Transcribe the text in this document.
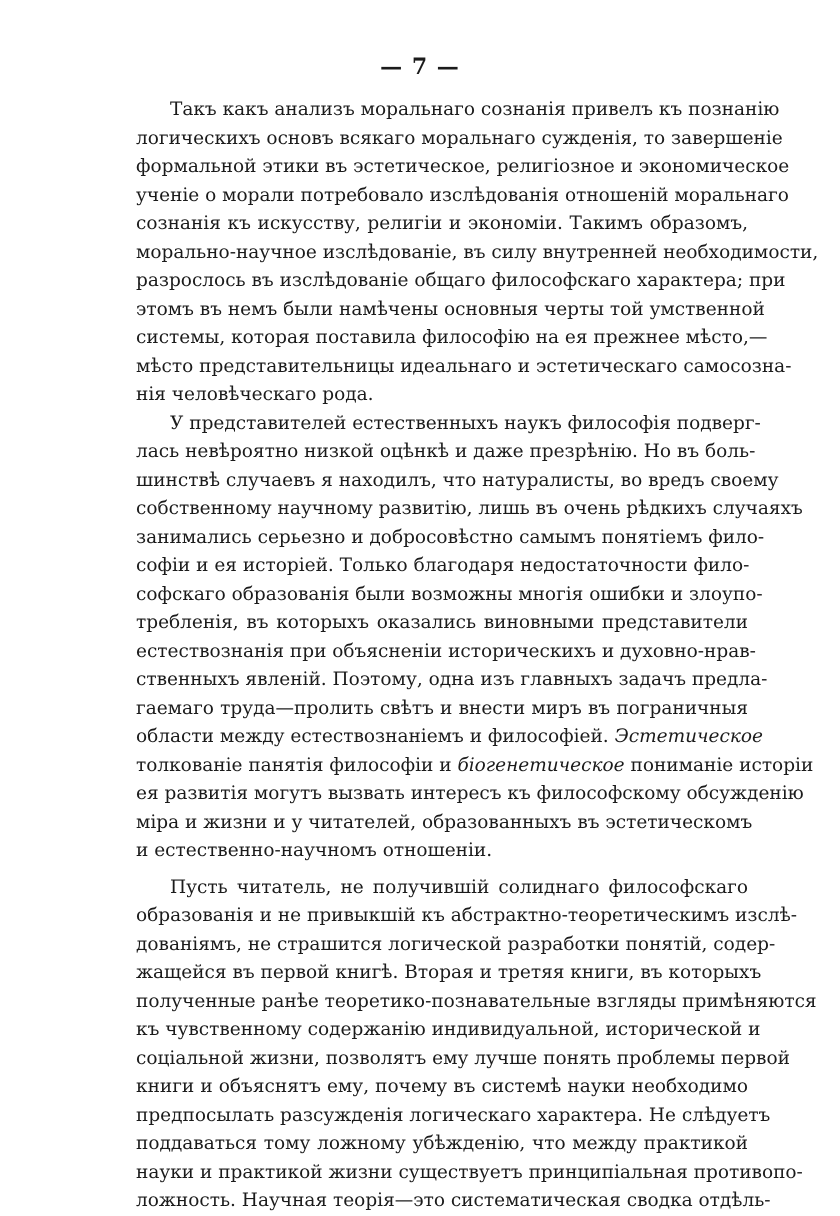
— 7 —
Такъ какъ анализъ моральнаго сознанія привелъ къ познанію
логическихъ основъ всякаго моральнаго сужденія, то завершеніе
формальной этики въ эстетическое, религіозное и экономическое
ученіе о морали потребовало изслѣдованія отношеній моральнаго
сознанія къ искусству, религіи и экономіи. Такимъ образомъ,
морально-научное изслѣдованіе, въ силу внутренней необходимости,
разрослось въ изслѣдованіе общаго философскаго характера; при
этомъ въ немъ были намѣчены основныя черты той умственной
системы, которая поставила философію на ея прежнее мѣсто,—
мѣсто представительницы идеальнаго и эстетическаго самосозна-
нія человѣческаго рода.
У представителей естественныхъ наукъ философія подверг-
лась невѣроятно низкой оцѣнкѣ и даже презрѣнію. Но въ боль-
шинствѣ случаевъ я находилъ, что натуралисты, во вредъ своему
собственному научному развитію, лишь въ очень рѣдкихъ случаяхъ
занимались серьезно и добросовѣстно самымъ понятіемъ фило-
софіи и ея исторіей. Только благодаря недостаточности фило-
софскаго образованія были возможны многія ошибки и злоупо-
требленія, въ которыхъ оказались виновными представители
естествознанія при объясненіи историческихъ и духовно-нрав-
ственныхъ явленій. Поэтому, одна изъ главныхъ задачъ предла-
гаемаго труда—пролить свѣтъ и внести миръ въ пограничныя
области между естествознаніемъ и философіей. Эстетическое
толкованіе панятія философіи и біогенетическое пониманіе исторіи
ея развитія могутъ вызвать интересъ къ философскому обсужденію
міра и жизни и у читателей, образованныхъ въ эстетическомъ
и естественно-научномъ отношеніи.
Пусть читатель, не получившій солиднаго философскаго
образованія и не привыкшій къ абстрактно-теоретическимъ изслѣ-
дованіямъ, не страшится логической разработки понятій, содер-
жащейся въ первой книгѣ. Вторая и третяя книги, въ которыхъ
полученные ранѣе теоретико-познавательные взгляды примѣняются
къ чувственному содержанію индивидуальной, исторической и
соціальной жизни, позволятъ ему лучше понять проблемы первой
книги и объяснятъ ему, почему въ системѣ науки необходимо
предпосылать разсужденія логическаго характера. Не слѣдуетъ
поддаваться тому ложному убѣжденію, что между практикой
науки и практикой жизни существуетъ принципіальная противопо-
ложность. Научная теорія—это систематическая сводка отдѣль-
